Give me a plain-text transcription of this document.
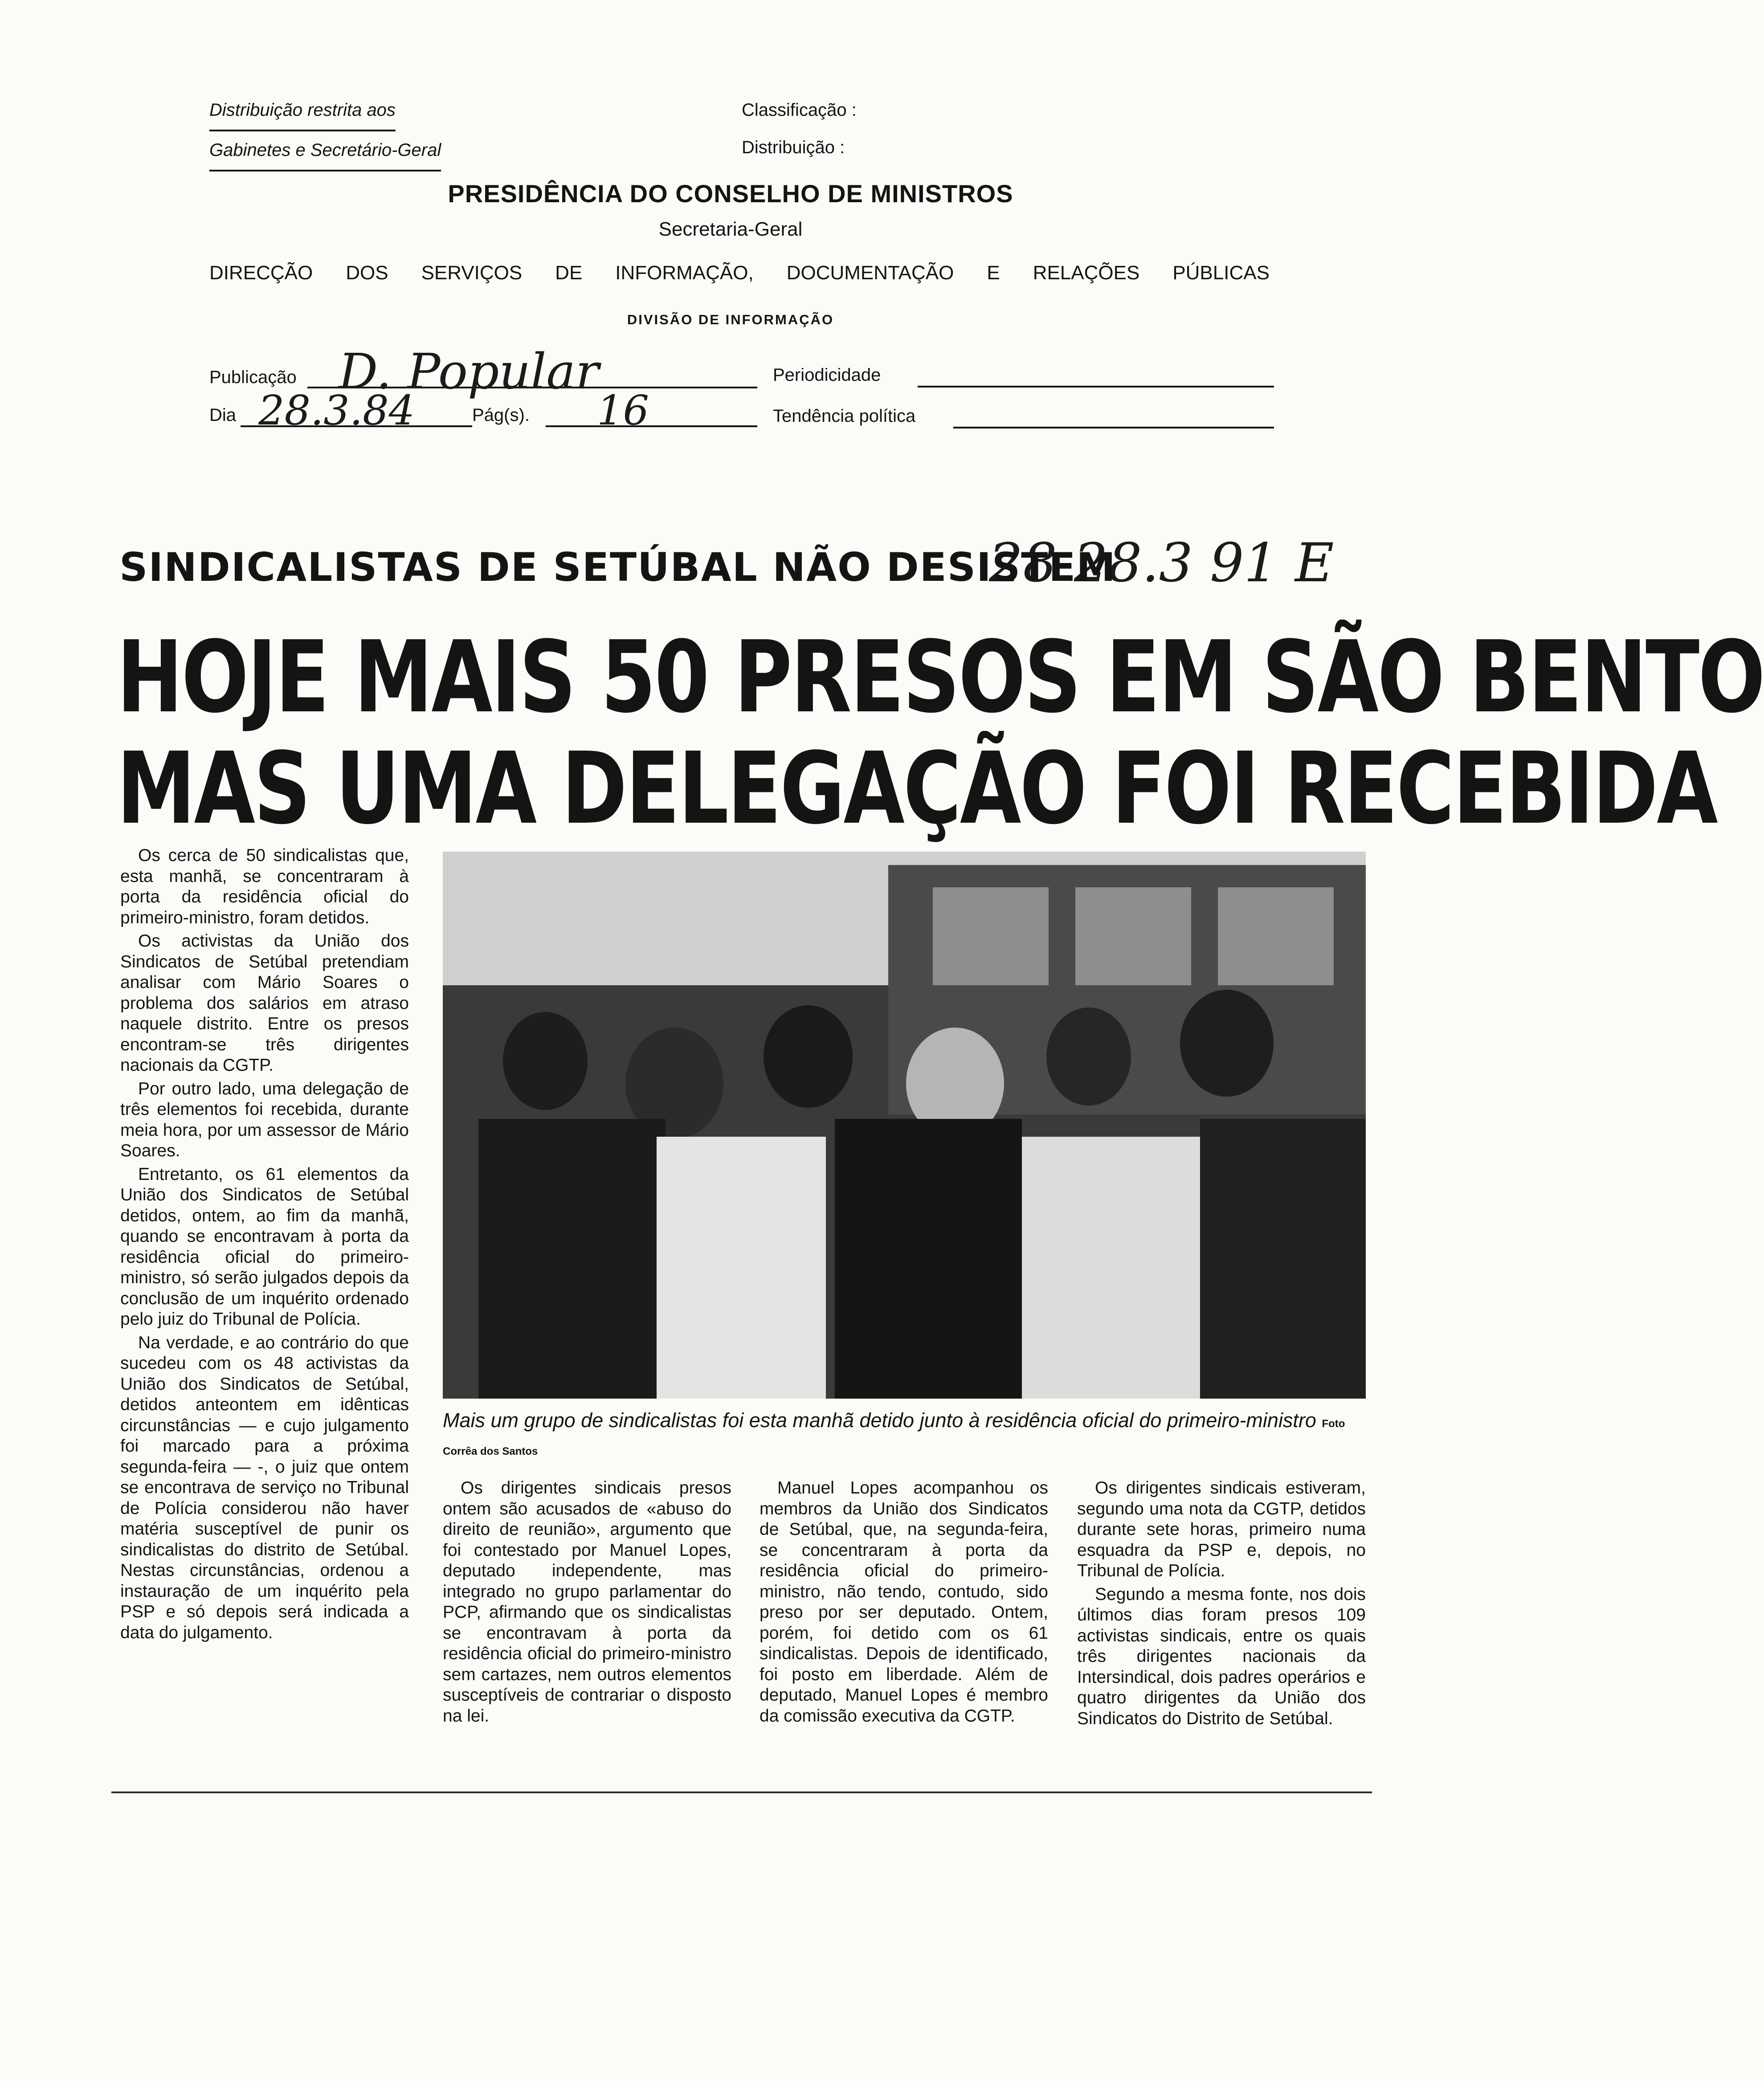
Distribuição restrita aos
Gabinetes e Secretário-Geral
Classificação :
Distribuição :
PRESIDÊNCIA DO CONSELHO DE MINISTROS
Secretaria-Geral
DIRECÇÃO DOS SERVIÇOS DE INFORMAÇÃO, DOCUMENTAÇÃO E RELAÇÕES PÚBLICAS
DIVISÃO DE INFORMAÇÃO
Publicação D. Popular
Dia 28.3.84	Pág(s). 16
Periodicidade
Tendência política
28 28.3 91 E
SINDICALISTAS DE SETÚBAL NÃO DESISTEM
HOJE MAIS 50 PRESOS EM SÃO BENTO
MAS UMA DELEGAÇÃO FOI RECEBIDA

Os cerca de 50 sindicalistas que, esta manhã, se concentraram à porta da residência oficial do primeiro-ministro, foram detidos.

Os activistas da União dos Sindicatos de Setúbal pretendiam analisar com Mário Soares o problema dos salários em atraso naquele distrito. Entre os presos encontram-se três dirigentes nacionais da CGTP.

Por outro lado, uma delegação de três elementos foi recebida, durante meia hora, por um assessor de Mário Soares.

Entretanto, os 61 elementos da União dos Sindicatos de Setúbal detidos, ontem, ao fim da manhã, quando se encontravam à porta da residência oficial do primeiro-ministro, só serão julgados depois da conclusão de um inquérito ordenado pelo juiz do Tribunal de Polícia.

Na verdade, e ao contrário do que sucedeu com os 48 activistas da União dos Sindicatos de Setúbal, detidos anteontem em idênticas circunstâncias — e cujo julgamento foi marcado para a próxima segunda-feira — -, o juiz que ontem se encontrava de serviço no Tribunal de Polícia considerou não haver matéria susceptível de punir os sindicalistas do distrito de Setúbal. Nestas circunstâncias, ordenou a instauração de um inquérito pela PSP e só depois será indicada a data do julgamento.

Mais um grupo de sindicalistas foi esta manhã detido junto à residência oficial do primeiro-ministro Foto Corrêa dos Santos

Os dirigentes sindicais presos ontem são acusados de «abuso do direito de reunião», argumento que foi contestado por Manuel Lopes, deputado independente, mas integrado no grupo parlamentar do PCP, afirmando que os sindicalistas se encontravam à porta da residência oficial do primeiro-ministro sem cartazes, nem outros elementos susceptíveis de contrariar o disposto na lei.

Manuel Lopes acompanhou os membros da União dos Sindicatos de Setúbal, que, na segunda-feira, se concentraram à porta da residência oficial do primeiro-ministro, não tendo, contudo, sido preso por ser deputado. Ontem, porém, foi detido com os 61 sindicalistas. Depois de identificado, foi posto em liberdade. Além de deputado, Manuel Lopes é membro da comissão executiva da CGTP.

Os dirigentes sindicais estiveram, segundo uma nota da CGTP, detidos durante sete horas, primeiro numa esquadra da PSP e, depois, no Tribunal de Polícia.

Segundo a mesma fonte, nos dois últimos dias foram presos 109 activistas sindicais, entre os quais três dirigentes nacionais da Intersindical, dois padres operários e quatro dirigentes da União dos Sindicatos do Distrito de Setúbal.
